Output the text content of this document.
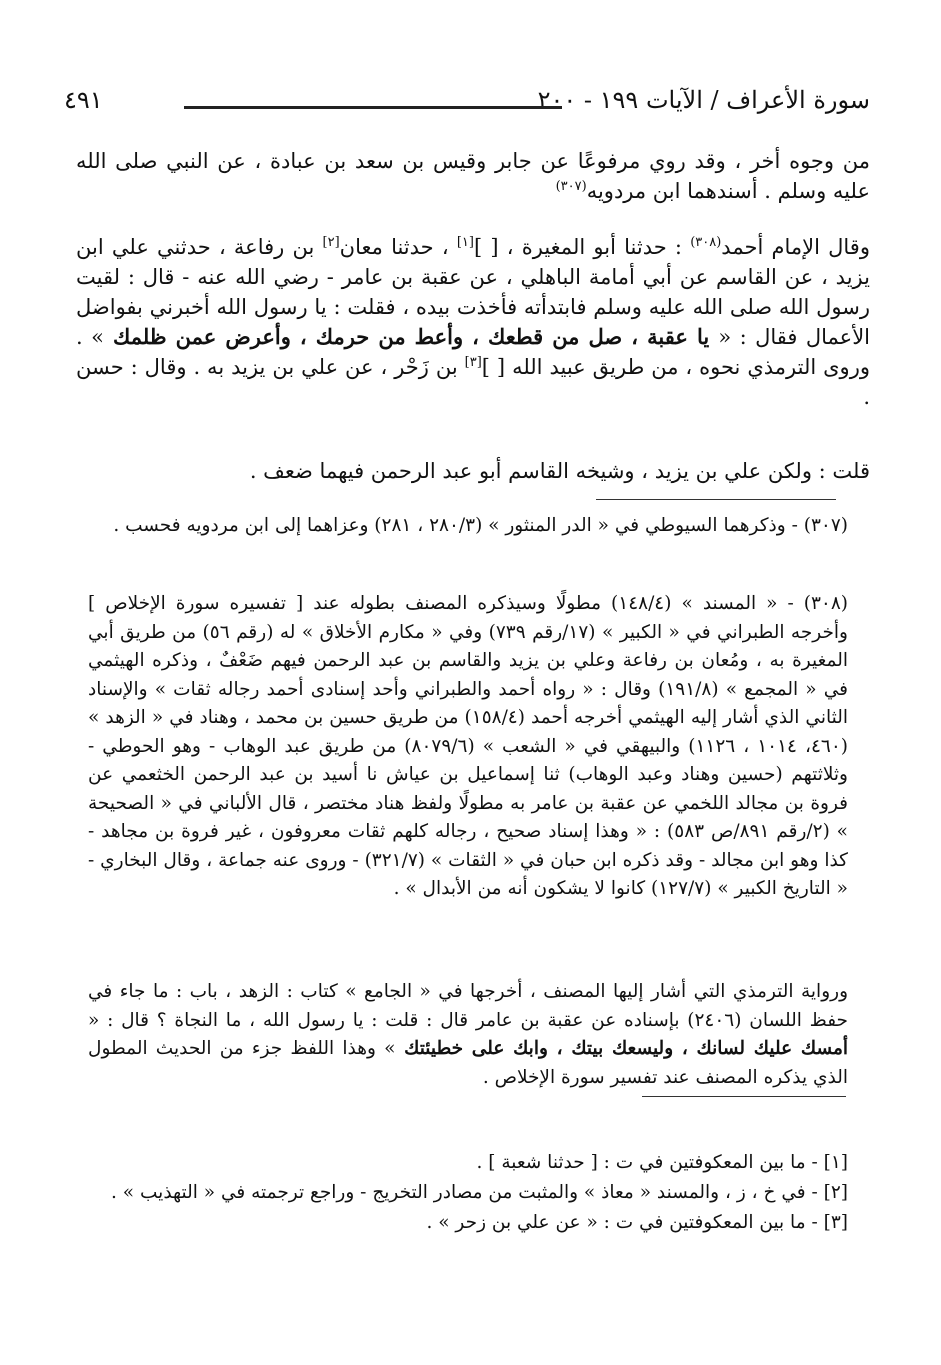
سورة الأعراف / الآيات ١٩٩ - ٢٠٠
٤٩١

من وجوه أخر ، وقد روي مرفوعًا عن جابر وقيس بن سعد بن عبادة ، عن النبي صلى الله عليه وسلم . أسندهما ابن مردويه$^{(٣٠٧)}$

وقال الإمام أحمد$^{(٣٠٨)}$ : حدثنا أبو المغيرة ، [ ][١] ، حدثنا معان[٢] بن رفاعة ، حدثني علي ابن يزيد ، عن القاسم عن أبي أمامة الباهلي ، عن عقبة بن عامر - رضي الله عنه - قال : لقيت رسول الله صلى الله عليه وسلم فابتدأته فأخذت بيده ، فقلت : يا رسول الله أخبرني بفواضل الأعمال فقال : « يا عقبة ، صل من قطعك ، وأعط من حرمك ، وأعرض عمن ظلمك » . وروى الترمذي نحوه ، من طريق عبيد الله [ ][٣] بن زَحْر ، عن علي بن يزيد به . وقال : حسن .

قلت : ولكن علي بن يزيد ، وشيخه القاسم أبو عبد الرحمن فيهما ضعف .

(٣٠٧) - وذكرهما السيوطي في « الدر المنثور » (٢٨٠/٣ ، ٢٨١) وعزاهما إلى ابن مردويه فحسب .

(٣٠٨) - « المسند » (١٤٨/٤) مطولًا وسيذكره المصنف بطوله عند [ تفسيره سورة الإخلاص ] وأخرجه الطبراني في « الكبير » (١٧/رقم ٧٣٩) وفي « مكارم الأخلاق » له (رقم ٥٦) من طريق أبي المغيرة به ، ومُعان بن رفاعة وعلي بن يزيد والقاسم بن عبد الرحمن فيهم ضَعْفٌ ، وذكره الهيثمي في « المجمع » (١٩١/٨) وقال : « رواه أحمد والطبراني وأحد إسنادى أحمد رجاله ثقات » والإسناد الثاني الذي أشار إليه الهيثمي أخرجه أحمد (١٥٨/٤) من طريق حسين بن محمد ، وهناد في « الزهد » (٤٦٠، ١٠١٤ ، ١١٢٦) والبيهقي في « الشعب » (٨٠٧٩/٦) من طريق عبد الوهاب - وهو الحوطي - وثلاثتهم (حسين وهناد وعبد الوهاب) ثنا إسماعيل بن عياش نا أسيد بن عبد الرحمن الخثعمي عن فروة بن مجالد اللخمي عن عقبة بن عامر به مطولًا ولفظ هناد مختصر ، قال الألباني في « الصحيحة » (٢/رقم ٨٩١/ص ٥٨٣) : « وهذا إسناد صحيح ، رجاله كلهم ثقات معروفون ، غير فروة بن مجاهد - كذا وهو ابن مجالد - وقد ذكره ابن حبان في « الثقات » (٣٢١/٧) - وروى عنه جماعة ، وقال البخاري - « التاريخ الكبير » (١٢٧/٧) كانوا لا يشكون أنه من الأبدال » .

ورواية الترمذي التي أشار إليها المصنف ، أخرجها في « الجامع » كتاب : الزهد ، باب : ما جاء في حفظ اللسان (٢٤٠٦) بإسناده عن عقبة بن عامر قال : قلت : يا رسول الله ، ما النجاة ؟ قال : « أمسك عليك لسانك ، وليسعك بيتك ، وابك على خطيئتك » وهذا اللفظ جزء من الحديث المطول الذي يذكره المصنف عند تفسير سورة الإخلاص .

[١] - ما بين المعكوفتين في ت : [ حدثنا شعبة ] .

[٢] - في خ ، ز ، والمسند « معاذ » والمثبت من مصادر التخريج - وراجع ترجمته في « التهذيب » .

[٣] - ما بين المعكوفتين في ت : « عن علي بن زحر » .
